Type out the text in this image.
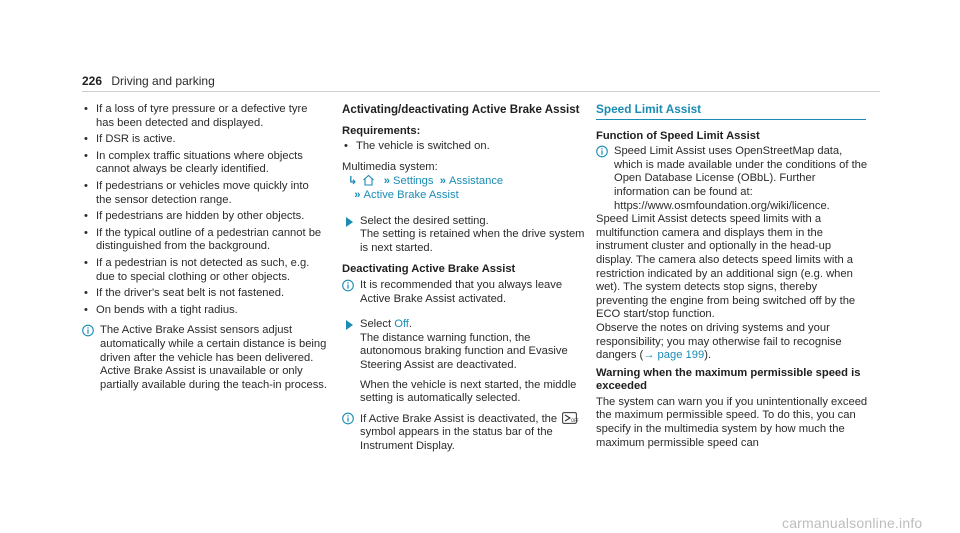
226 Driving and parking
• If a loss of tyre pressure or a defective tyre has been detected and displayed.
• If DSR is active.
• In complex traffic situations where objects cannot always be clearly identified.
• If pedestrians or vehicles move quickly into the sensor detection range.
• If pedestrians are hidden by other objects.
• If the typical outline of a pedestrian cannot be distinguished from the background.
• If a pedestrian is not detected as such, e.g. due to special clothing or other objects.
• If the driver's seat belt is not fastened.
• On bends with a tight radius.

The Active Brake Assist sensors adjust automatically while a certain distance is being driven after the vehicle has been delivered. Active Brake Assist is unavailable or only partially available during the teach-in process.

Activating/deactivating Active Brake Assist
Requirements:
• The vehicle is switched on.

Multimedia system:

↳   » Settings  » Assistance
» Active Brake Assist

Select the desired setting.

The setting is retained when the drive system is next started.

Deactivating Active Brake Assist

It is recommended that you always leave Active Brake Assist activated.

Select Off.

The distance warning function, the autonomous braking function and Evasive Steering Assist are deactivated.

When the vehicle is next started, the middle setting is automatically selected.

If Active Brake Assist is deactivated, the	OFF
symbol appears in the status bar of the Instrument Display.

Speed Limit Assist
Function of Speed Limit Assist

Speed Limit Assist uses OpenStreetMap data, which is made available under the conditions of the Open Database License (OBbL). Further information can be found at: https://www.osmfoundation.org/wiki/licence.

Speed Limit Assist detects speed limits with a multifunction camera and displays them in the instrument cluster and optionally in the head-up display. The camera also detects speed limits with a restriction indicated by an additional sign (e.g. when wet). The system detects stop signs, thereby preventing the engine from being switched off by the ECO start/stop function.

Observe the notes on driving systems and your responsibility; you may otherwise fail to recognise dangers (→ page 199).

Warning when the maximum permissible speed is exceeded

The system can warn you if you unintentionally exceed the maximum permissible speed. To do this, you can specify in the multimedia system by how much the maximum permissible speed can

carmanualsonline.info
